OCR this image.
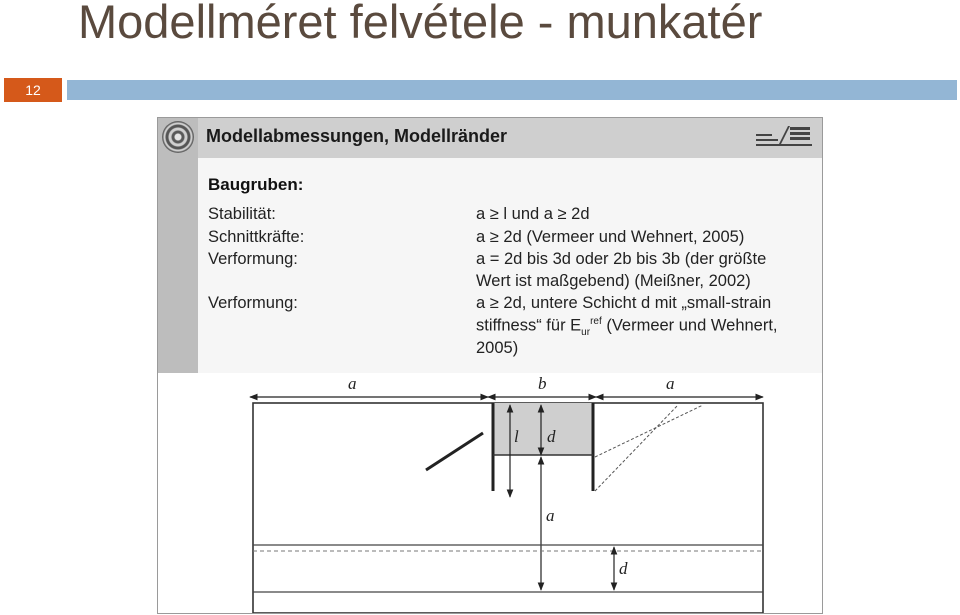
Modellméret felvétele - munkatér
12
Modellabmessungen, Modellränder
Baugruben:
Stabilität:	a ≥ l und a ≥ 2d
Schnittkräfte:	a ≥ 2d (Vermeer und Wehnert, 2005)
Verformung:	a = 2d bis 3d oder 2b bis 3b (der größte
Wert ist maßgebend) (Meißner, 2002)
Verformung:	a ≥ 2d, untere Schicht d mit „small-strain
stiffness“ für $E_{ur}^{ref}$ (Vermeer und Wehnert,
2005)
a	b	a
l d
a
d
